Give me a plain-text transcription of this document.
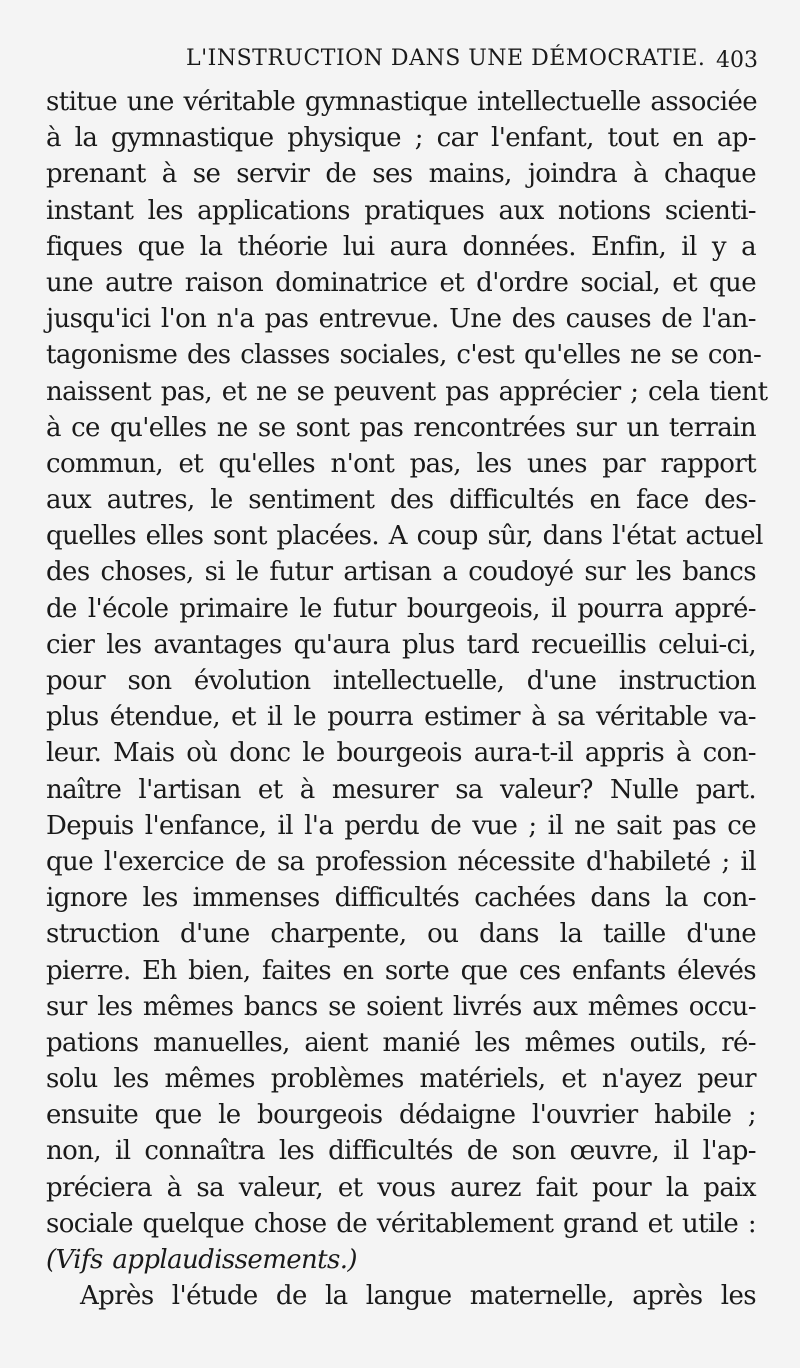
L'INSTRUCTION DANS UNE DÉMOCRATIE. 403
stitue une véritable gymnastique intellectuelle associée
à la gymnastique physique ; car l'enfant, tout en ap-
prenant à se servir de ses mains, joindra à chaque
instant les applications pratiques aux notions scienti-
fiques que la théorie lui aura données. Enfin, il y a
une autre raison dominatrice et d'ordre social, et que
jusqu'ici l'on n'a pas entrevue. Une des causes de l'an-
tagonisme des classes sociales, c'est qu'elles ne se con-
naissent pas, et ne se peuvent pas apprécier ; cela tient
à ce qu'elles ne se sont pas rencontrées sur un terrain
commun, et qu'elles n'ont pas, les unes par rapport
aux autres, le sentiment des difficultés en face des-
quelles elles sont placées. A coup sûr, dans l'état actuel
des choses, si le futur artisan a coudoyé sur les bancs
de l'école primaire le futur bourgeois, il pourra appré-
cier les avantages qu'aura plus tard recueillis celui-ci,
pour son évolution intellectuelle, d'une instruction
plus étendue, et il le pourra estimer à sa véritable va-
leur. Mais où donc le bourgeois aura-t-il appris à con-
naître l'artisan et à mesurer sa valeur? Nulle part.
Depuis l'enfance, il l'a perdu de vue ; il ne sait pas ce
que l'exercice de sa profession nécessite d'habileté ; il
ignore les immenses difficultés cachées dans la con-
struction d'une charpente, ou dans la taille d'une
pierre. Eh bien, faites en sorte que ces enfants élevés
sur les mêmes bancs se soient livrés aux mêmes occu-
pations manuelles, aient manié les mêmes outils, ré-
solu les mêmes problèmes matériels, et n'ayez peur
ensuite que le bourgeois dédaigne l'ouvrier habile ;
non, il connaîtra les difficultés de son œuvre, il l'ap-
préciera à sa valeur, et vous aurez fait pour la paix
sociale quelque chose de véritablement grand et utile :
(Vifs applaudissements.)
Après l'étude de la langue maternelle, après les
